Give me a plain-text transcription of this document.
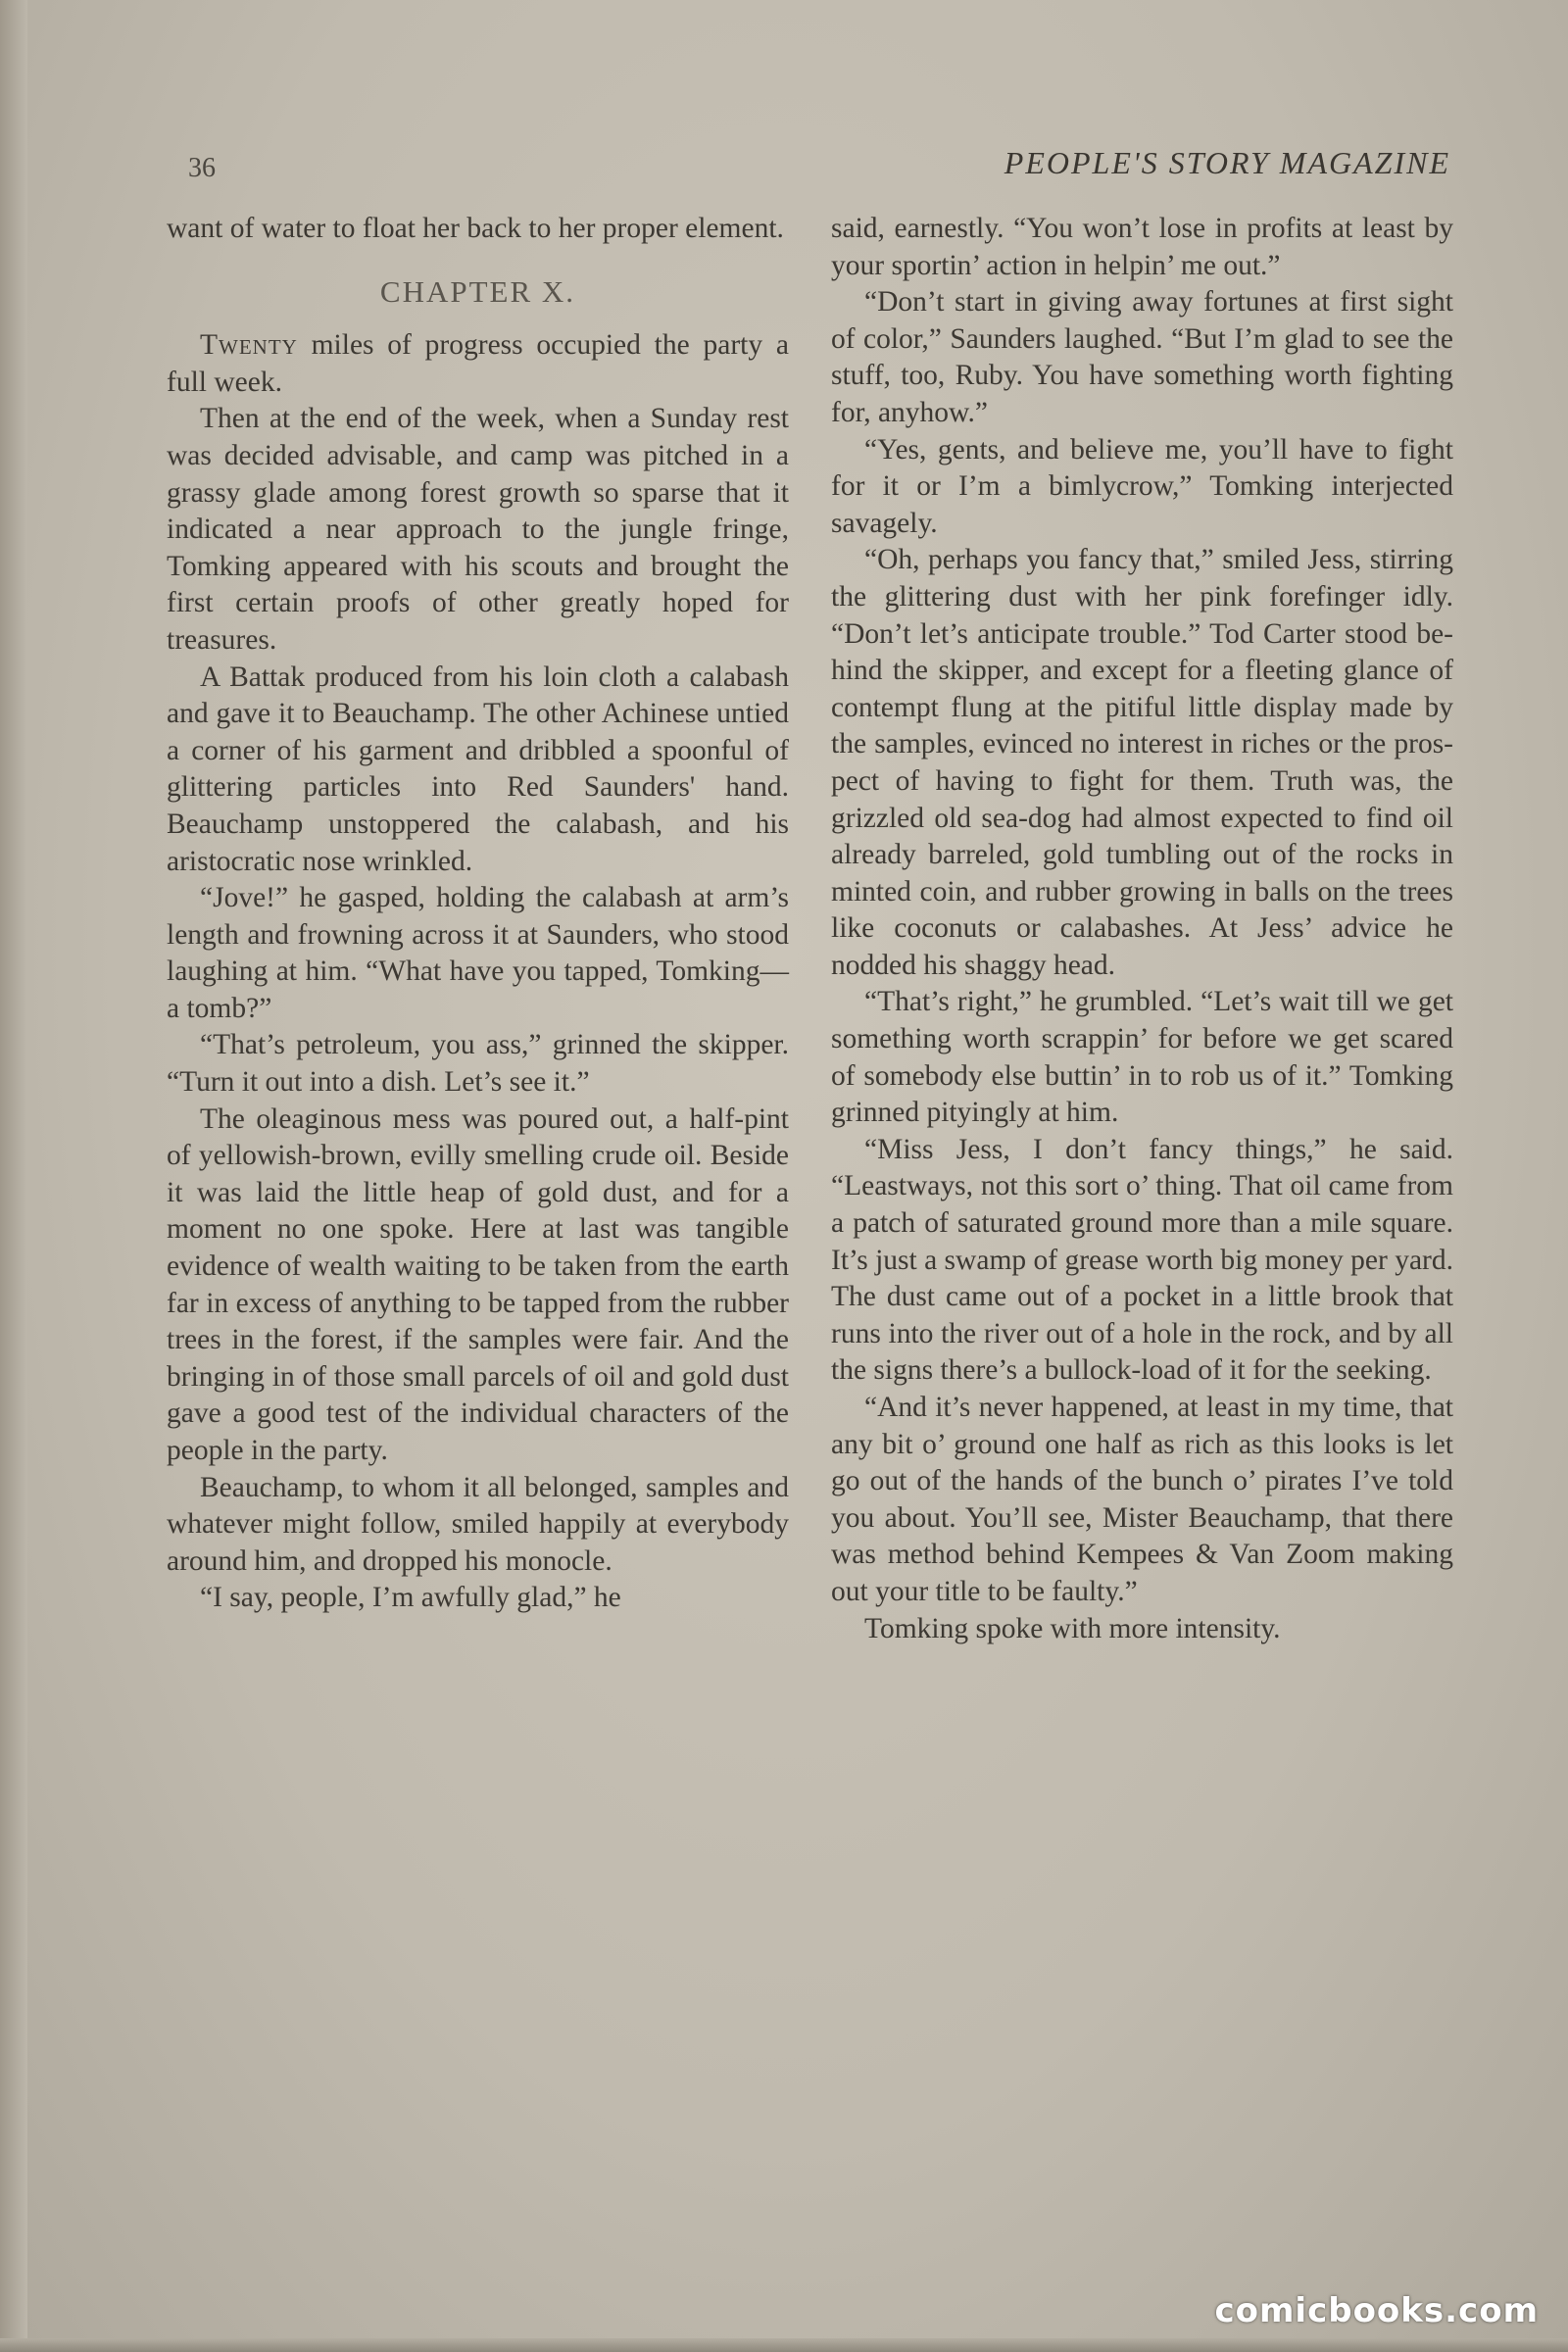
36	PEOPLE'S STORY MAGAZINE

want of water to float her back to her proper element.

CHAPTER X.

Twenty miles of progress occupied the party a full week.

Then at the end of the week, when a Sunday rest was decided advisable, and camp was pitched in a grassy glade among forest growth so sparse that it indicated a near approach to the jungle fringe, Tomking appeared with his scouts and brought the first certain proofs of other greatly hoped for treasures.

A Battak produced from his loin cloth a calabash and gave it to Beauchamp. The other Achinese untied a corner of his garment and dribbled a spoonful of glittering particles into Red Saunders' hand. Beauchamp unstoppered the calabash, and his aristocratic nose wrinkled.

“Jove!” he gasped, holding the calabash at arm’s length and frowning across it at Saunders, who stood laughing at him. “What have you tapped, Tomking—a tomb?”

“That’s petroleum, you ass,” grinned the skipper. “Turn it out into a dish. Let’s see it.”

The oleaginous mess was poured out, a half-pint of yellowish-brown, evilly smelling crude oil. Beside it was laid the little heap of gold dust, and for a moment no one spoke. Here at last was tangible evidence of wealth waiting to be taken from the earth far in excess of anything to be tapped from the rubber trees in the forest, if the samples were fair. And the bringing in of those small parcels of oil and gold dust gave a good test of the individual characters of the people in the party.

Beauchamp, to whom it all belonged, samples and whatever might follow, smiled happily at everybody around him, and dropped his monocle.

“I say, people, I’m awfully glad,” he

said, earnestly. “You won’t lose in profits at least by your sportin’ action in helpin’ me out.”

“Don’t start in giving away fortunes at first sight of color,” Saunders laughed. “But I’m glad to see the stuff, too, Ruby. You have something worth fighting for, anyhow.”

“Yes, gents, and believe me, you’ll have to fight for it or I’m a bimlycrow,” Tomking interjected savagely.

“Oh, perhaps you fancy that,” smiled Jess, stirring the glittering dust with her pink forefinger idly. “Don’t let’s anticipate trouble.” Tod Carter stood behind the skipper, and except for a fleeting glance of contempt flung at the pitiful little display made by the samples, evinced no interest in riches or the prospect of having to fight for them. Truth was, the grizzled old sea-dog had almost expected to find oil already barreled, gold tumbling out of the rocks in minted coin, and rubber growing in balls on the trees like coconuts or calabashes. At Jess’ advice he nodded his shaggy head.

“That’s right,” he grumbled. “Let’s wait till we get something worth scrappin’ for before we get scared of somebody else buttin’ in to rob us of it.” Tomking grinned pityingly at him.

“Miss Jess, I don’t fancy things,” he said. “Leastways, not this sort o’ thing. That oil came from a patch of saturated ground more than a mile square. It’s just a swamp of grease worth big money per yard. The dust came out of a pocket in a little brook that runs into the river out of a hole in the rock, and by all the signs there’s a bullock-load of it for the seeking.

“And it’s never happened, at least in my time, that any bit o’ ground one half as rich as this looks is let go out of the hands of the bunch o’ pirates I’ve told you about. You’ll see, Mister Beauchamp, that there was method behind Kempees & Van Zoom making out your title to be faulty.”

Tomking spoke with more intensity.

comicbooks.com
